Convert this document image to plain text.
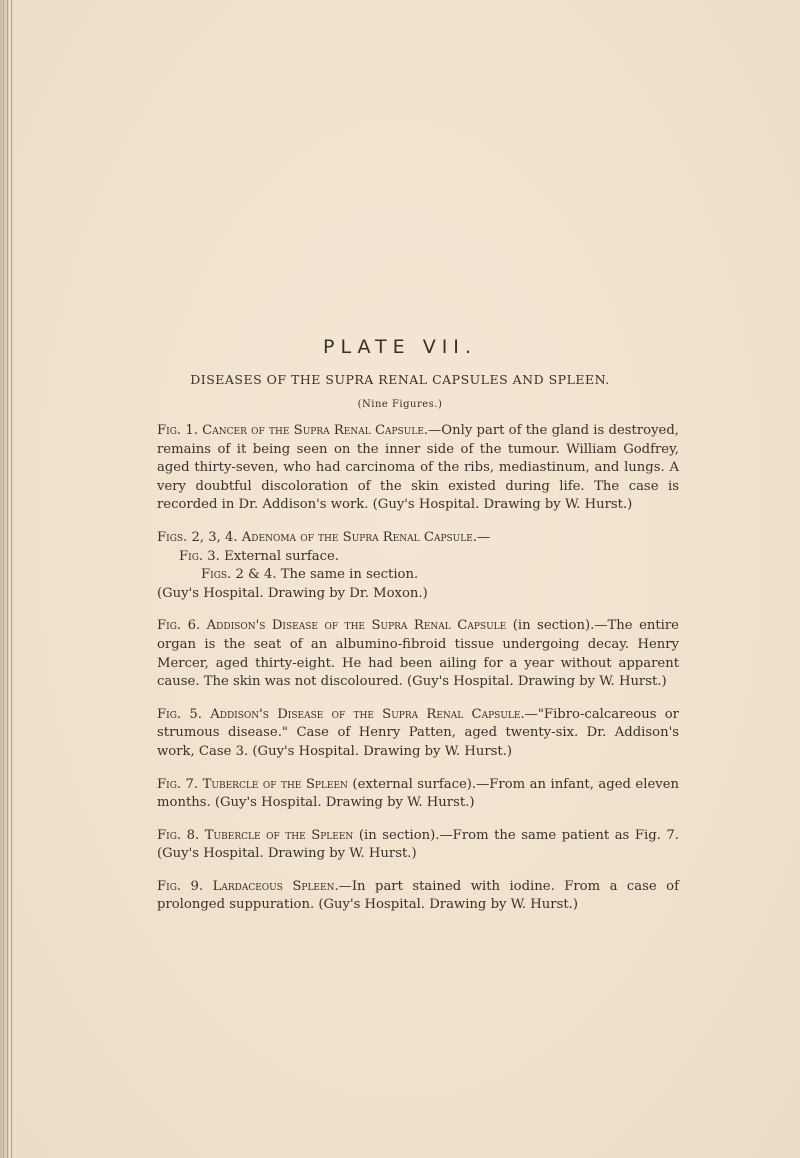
PLATE VII.
DISEASES OF THE SUPRA RENAL CAPSULES AND SPLEEN.
(Nine Figures.)

Fig. 1. Cancer of the Supra Renal Capsule.—Only part of the gland is destroyed, remains of it being seen on the inner side of the tumour. William Godfrey, aged thirty-seven, who had carcinoma of the ribs, mediastinum, and lungs. A very doubtful discoloration of the skin existed during life. The case is recorded in Dr. Addison's work. (Guy's Hospital. Drawing by W. Hurst.)

Figs. 2, 3, 4. Adenoma of the Supra Renal Capsule.—
Fig. 3. External surface.
Figs. 2 & 4. The same in section.
(Guy's Hospital. Drawing by Dr. Moxon.)

Fig. 6. Addison's Disease of the Supra Renal Capsule (in section).—The entire organ is the seat of an albumino-fibroid tissue undergoing decay. Henry Mercer, aged thirty-eight. He had been ailing for a year without apparent cause. The skin was not discoloured. (Guy's Hospital. Drawing by W. Hurst.)

Fig. 5. Addison's Disease of the Supra Renal Capsule.—"Fibro-calcareous or strumous disease." Case of Henry Patten, aged twenty-six. Dr. Addison's work, Case 3. (Guy's Hospital. Drawing by W. Hurst.)

Fig. 7. Tubercle of the Spleen (external surface).—From an infant, aged eleven months. (Guy's Hospital. Drawing by W. Hurst.)

Fig. 8. Tubercle of the Spleen (in section).—From the same patient as Fig. 7. (Guy's Hospital. Drawing by W. Hurst.)

Fig. 9. Lardaceous Spleen.—In part stained with iodine. From a case of prolonged suppuration. (Guy's Hospital. Drawing by W. Hurst.)
